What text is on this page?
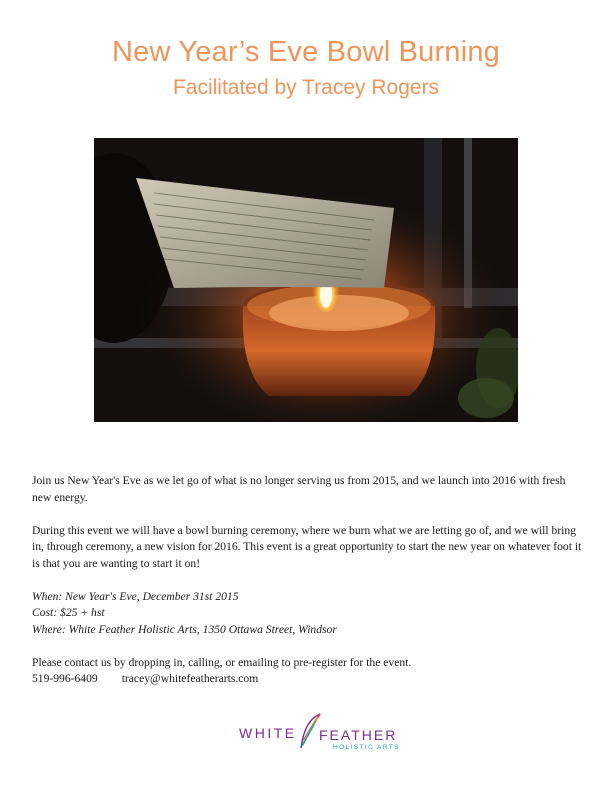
New Year’s Eve Bowl Burning
Facilitated by Tracey Rogers

Join us New Year's Eve as we let go of what is no longer serving us from 2015, and we launch into 2016 with fresh new energy.

During this event we will have a bowl burning ceremony, where we burn what we are letting go of, and we will bring in, through ceremony, a new vision for 2016. This event is a great opportunity to start the new year on whatever foot it is that you are wanting to start it on!

When: New Year's Eve, December 31st 2015
Cost: $25 + hst
Where: White Feather Holistic Arts, 1350 Ottawa Street, Windsor

Please contact us by dropping in, calling, or emailing to pre-register for the event.

519-996-6409 tracey@whitefeatherarts.com

WHITE FEATHER
HOLISTIC ARTS
